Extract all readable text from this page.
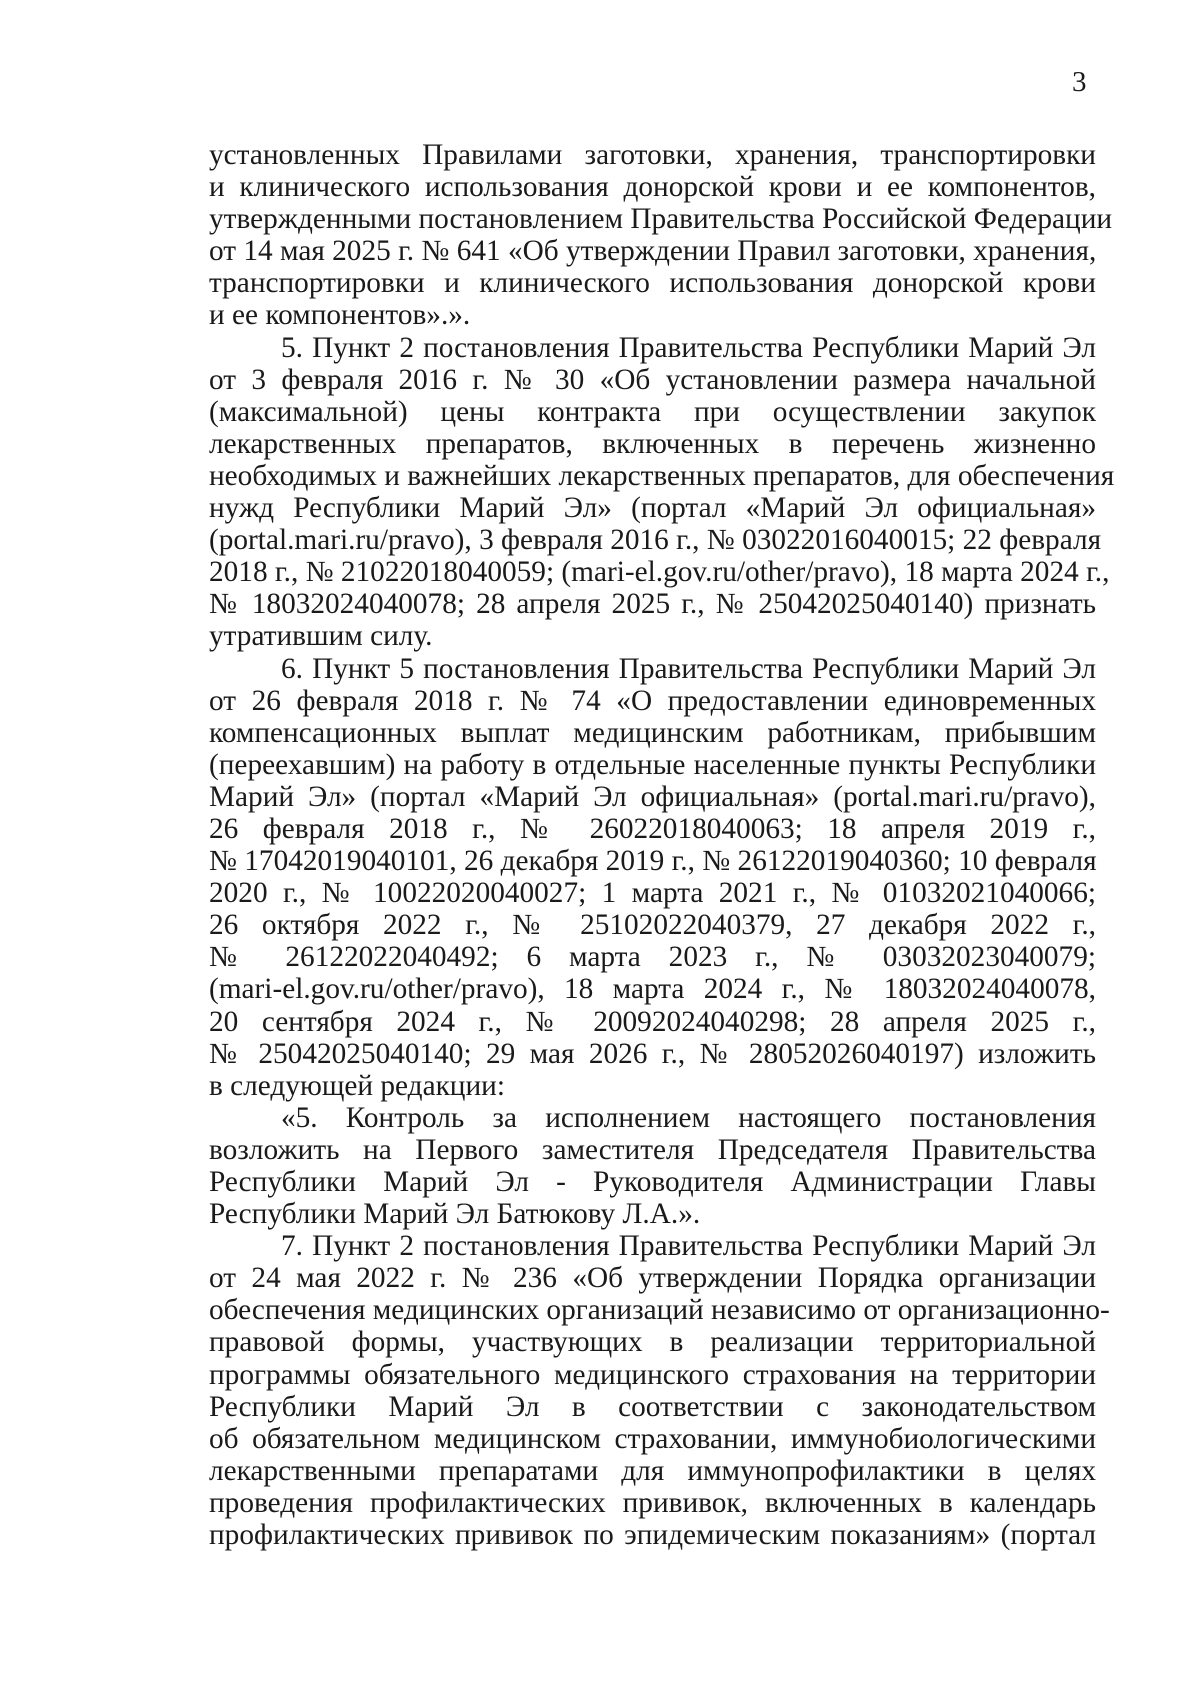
3
установленных Правилами заготовки, хранения, транспортировки
и клинического использования донорской крови и ее компонентов,
утвержденными постановлением Правительства Российской Федерации
от 14 мая 2025 г. № 641 «Об утверждении Правил заготовки, хранения,
транспортировки и клинического использования донорской крови
и ее компонентов».».
5. Пункт 2 постановления Правительства Республики Марий Эл
от 3 февраля 2016 г. № 30 «Об установлении размера начальной
(максимальной) цены контракта при осуществлении закупок
лекарственных препаратов, включенных в перечень жизненно
необходимых и важнейших лекарственных препаратов, для обеспечения
нужд Республики Марий Эл» (портал «Марий Эл официальная»
(portal.mari.ru/pravo), 3 февраля 2016 г., № 03022016040015; 22 февраля
2018 г., № 21022018040059; (mari-el.gov.ru/other/pravo), 18 марта 2024 г.,
№ 18032024040078; 28 апреля 2025 г., № 25042025040140) признать
утратившим силу.
6. Пункт 5 постановления Правительства Республики Марий Эл
от 26 февраля 2018 г. № 74 «О предоставлении единовременных
компенсационных выплат медицинским работникам, прибывшим
(переехавшим) на работу в отдельные населенные пункты Республики
Марий Эл» (портал «Марий Эл официальная» (portal.mari.ru/pravo),
26 февраля 2018 г., № 26022018040063; 18 апреля 2019 г.,
№ 17042019040101, 26 декабря 2019 г., № 26122019040360; 10 февраля
2020 г., № 10022020040027; 1 марта 2021 г., № 01032021040066;
26 октября 2022 г., № 25102022040379, 27 декабря 2022 г.,
№ 26122022040492; 6 марта 2023 г., № 03032023040079;
(mari-el.gov.ru/other/pravo), 18 марта 2024 г., № 18032024040078,
20 сентября 2024 г., № 20092024040298; 28 апреля 2025 г.,
№ 25042025040140; 29 мая 2026 г., № 28052026040197) изложить
в следующей редакции:
«5. Контроль за исполнением настоящего постановления
возложить на Первого заместителя Председателя Правительства
Республики Марий Эл - Руководителя Администрации Главы
Республики Марий Эл Батюкову Л.А.».
7. Пункт 2 постановления Правительства Республики Марий Эл
от 24 мая 2022 г. № 236 «Об утверждении Порядка организации
обеспечения медицинских организаций независимо от организационно-
правовой формы, участвующих в реализации территориальной
программы обязательного медицинского страхования на территории
Республики Марий Эл в соответствии с законодательством
об обязательном медицинском страховании, иммунобиологическими
лекарственными препаратами для иммунопрофилактики в целях
проведения профилактических прививок, включенных в календарь
профилактических прививок по эпидемическим показаниям» (портал
